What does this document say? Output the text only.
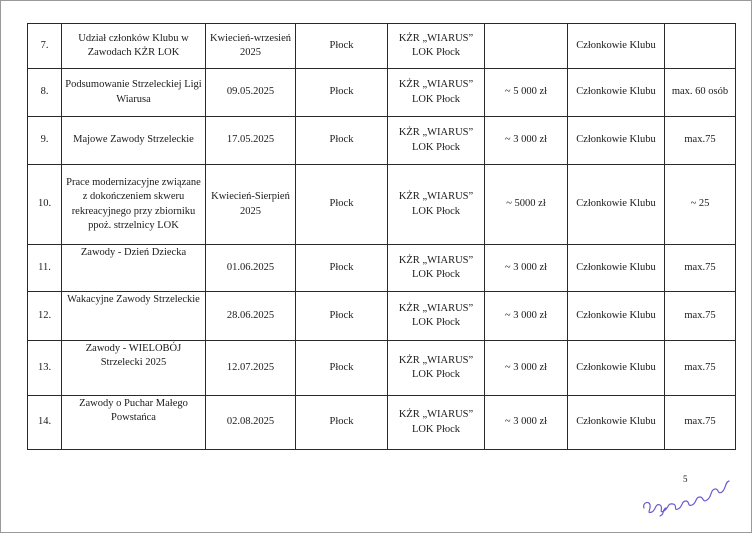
7.	Udział członków Klubu w Zawodach KŻR LOK	Kwiecień-wrzesień 2025	Płock	KŻR „WIARUS” LOK Płock		Członkowie Klubu	
8.	Podsumowanie Strzeleckiej Ligi Wiarusa	09.05.2025	Płock	KŻR „WIARUS” LOK Płock	~ 5 000 zł	Członkowie Klubu	max. 60 osób
9.	Majowe Zawody Strzeleckie	17.05.2025	Płock	KŻR „WIARUS” LOK Płock	~ 3 000 zł	Członkowie Klubu	max.75
10.	Prace modernizacyjne związane z dokończeniem skweru rekreacyjnego przy zbiorniku ppoż. strzelnicy LOK	Kwiecień-Sierpień 2025	Płock	KŻR „WIARUS” LOK Płock	~ 5000 zł	Członkowie Klubu	~ 25
11.	Zawody - Dzień Dziecka	01.06.2025	Płock	KŻR „WIARUS” LOK Płock	~ 3 000 zł	Członkowie Klubu	max.75
12.	Wakacyjne Zawody Strzeleckie	28.06.2025	Płock	KŻR „WIARUS” LOK Płock	~ 3 000 zł	Członkowie Klubu	max.75
13.	Zawody - WIELOBÓJ Strzelecki 2025	12.07.2025	Płock	KŻR „WIARUS” LOK Płock	~ 3 000 zł	Członkowie Klubu	max.75
14.	Zawody o Puchar Małego Powstańca	02.08.2025	Płock	KŻR „WIARUS” LOK Płock	~ 3 000 zł	Członkowie Klubu	max.75
5
